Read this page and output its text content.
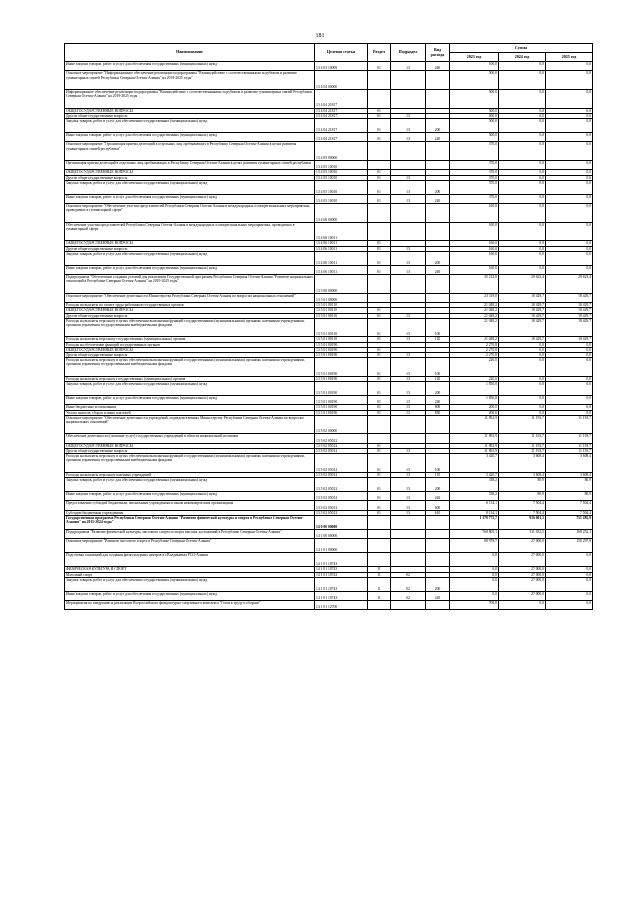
181
Наименование	Целевая статья	Раздел	Подраздел	Вид расхода	Сумма		
					2023 год	2024 год	2025 год
Иные закупки товаров, работ и услуг для обеспечения государственных (муниципальных) нужд	13 4 03 10009	01	13	240	100,0	0,0	0,0
Основное мероприятие "Информационное обеспечение реализации подпрограммы "Взаимодействие с соотечественниками за рубежом и развитие гуманитарных связей Республики Северная Осетия-Алания" на 2019-2025 годы"	13 4 04 00000				500,0	0,0	0,0
Информационное обеспечение реализации подпрограммы "Взаимодействие с соотечественниками за рубежом и развитие гуманитарных связей Республики Северная Осетия-Алания" на 2019-2025 годы	13 4 04 21817				500,0	0,0	0,0
ОБЩЕГОСУДАРСТВЕННЫЕ ВОПРОСЫ	13 4 04 21817	01			500,0	0,0	0,0
Другие общегосударственные вопросы	13 4 04 21817	01	13		500,0	0,0	0,0
Закупка товаров, работ и услуг для обеспечения государственных (муниципальных) нужд	13 4 04 21817	01	13	200	500,0	0,0	0,0
Иные закупки товаров, работ и услуг для обеспечения государственных (муниципальных) нужд	13 4 04 21817	01	13	240	500,0	0,0	0,0
Основное мероприятие "Организация приема делегаций в отдельных лиц, пребывающих в Республику Северная Осетия-Алания в целях развития гуманитарных связей республики"	13 4 05 00000				370,0	0,0	0,0
Организация приема делегаций в отдельных лиц, пребывающих в Республику Северная Осетия-Алания в целях развития гуманитарных связей республики	13 4 05 10010				370,0	0,0	0,0
ОБЩЕГОСУДАРСТВЕННЫЕ ВОПРОСЫ	13 4 05 10010	01			370,0	0,0	0,0
Другие общегосударственные вопросы	13 4 05 10010	01	13		370,0	0,0	0,0
Закупка товаров, работ и услуг для обеспечения государственных (муниципальных) нужд	13 4 05 10010	01	13	200	370,0	0,0	0,0
Иные закупки товаров, работ и услуг для обеспечения государственных (муниципальных) нужд	13 4 05 10010	01	13	240	370,0	0,0	0,0
Основное мероприятие "Обеспечение участия представителей Республики Северная Осетия-Алания в международных и межрегиональных мероприятиях, проводимых в гуманитарной сфере"	13 4 06 00000				160,0	0,0	0,0
Обеспечение участия представителей Республики Северная Осетия-Алания в международных и межрегиональных мероприятиях, проводимых в гуманитарной сфере	13 4 06 10011				160,0	0,0	0,0
ОБЩЕГОСУДАРСТВЕННЫЕ ВОПРОСЫ	13 4 06 10011	01			160,0	0,0	0,0
Другие общегосударственные вопросы	13 4 06 10011	01	13		160,0	0,0	0,0
Закупка товаров, работ и услуг для обеспечения государственных (муниципальных) нужд	13 4 06 10011	01	13	200	160,0	0,0	0,0
Иные закупки товаров, работ и услуг для обеспечения государственных (муниципальных) нужд	13 4 06 10011	01	13	240	160,0	0,0	0,0
Подпрограмма "Обеспечение создания условий для реализации Государственной программы Республики Северная Осетия-Алания "Развитие национальных отношений в Республике Северная Осетия-Алания" на 2019-2025 годы"	13 5 00 00000				35 212,0	29 623,4	29 623,4
Основное мероприятие "Обеспечение деятельности Министерства Республики Северная Осетия-Алания по вопросам национальных отношений"	13 5 01 00000				23 319,0	18 429,7	18 429,7
Расходы на выплаты по оплате труда работников государственных органов	13 5 01 00110				21 048,2	18 429,7	18 429,7
ОБЩЕГОСУДАРСТВЕННЫЕ ВОПРОСЫ	13 5 01 00110	01			21 048,2	18 429,7	18 429,7
Другие общегосударственные вопросы	13 5 01 00110	01	13		21 048,2	18 429,7	18 429,7
Расходы на выплаты персоналу в целях обеспечения выполнения функций государственными (муниципальными) органами, казенными учреждениями, органами управления государственными внебюджетными фондами	13 5 01 00110	01	13	100	21 048,2	18 429,7	18 429,7
Расходы на выплаты персоналу государственных (муниципальных) органов	13 5 01 00110	01	13	120	21 048,2	18 429,7	18 429,7
Расходы на обеспечение функций государственных органов	13 5 01 00190				2 270,8	0,0	0,0
ОБЩЕГОСУДАРСТВЕННЫЕ ВОПРОСЫ	13 5 01 00190	01			2 270,8	0,0	0,0
Другие общегосударственные вопросы	13 5 01 00190	01	13		2 270,8	0,0	0,0
Расходы на выплаты персоналу в целях обеспечения выполнения функций государственными (муниципальными) органами, казенными учреждениями, органами управления государственными внебюджетными фондами	13 5 01 00190	01	13	100	220,0	0,0	0,0
Расходы на выплаты персоналу государственных (муниципальных) органов	13 5 01 00190	01	13	120	220,0	0,0	0,0
Закупка товаров, работ и услуг для обеспечения государственных (муниципальных) нужд	13 5 01 00190	01	13	200	1 850,8	0,0	0,0
Иные закупки товаров, работ и услуг для обеспечения государственных (муниципальных) нужд	13 5 01 00190	01	13	240	1 850,8	0,0	0,0
Иные бюджетные ассигнования	13 5 01 00190	01	13	800	200,0	0,0	0,0
Уплата налогов, сборов и иных платежей	13 5 01 00190	01	13	850	200,0	0,0	0,0
Основное мероприятие "Обеспечение деятельности учреждений, подведомственных Министерству Республики Северная Осетия-Алания по вопросам национальных отношений"	13 5 02 00000				11 892,9	11 193,7	11 193,7
Обеспечение деятельности (оказание услуг) государственных учреждений в области национальной политики	13 5 02 05012				11 892,9	11 193,7	11 193,7
ОБЩЕГОСУДАРСТВЕННЫЕ ВОПРОСЫ	13 5 02 05012	01			11 892,9	11 193,7	11 193,7
Другие общегосударственные вопросы	13 5 02 05012	01	13		11 892,9	11 193,7	11 193,7
Расходы на выплаты персоналу в целях обеспечения выполнения функций государственными (муниципальными) органами, казенными учреждениями, органами управления государственными внебюджетными фондами	13 5 02 05012	01	13	100	3 420,7	3 608,4	3 608,4
Расходы на выплаты персоналу казенных учреждений	13 5 02 05012	01	13	110	3 420,7	3 608,4	3 608,4
Закупка товаров, работ и услуг для обеспечения государственных (муниципальных) нужд	13 5 02 05012	01	13	200	338,2	80,9	80,9
Иные закупки товаров, работ и услуг для обеспечения государственных (муниципальных) нужд	13 5 02 05012	01	13	240	338,2	80,9	80,9
Предоставление субсидий бюджетным, автономным учреждениям и иным некоммерческим организациям	13 5 02 05012	01	13	600	8 134,1	7 504,4	7 504,4
Субсидии бюджетным учреждениям	13 5 02 05012	01	13	610	8 134,1	7 504,4	7 504,4
Государственная программа Республики Северная Осетия-Алания "Развитие физической культуры и спорта в Республике Северная Осетия-Алания" на 2015-2024 годы"	14 0 00 00000				1 378 775,7	916 601,1	751 285,9
Подпрограмма "Развитие физической культуры, массового спорта и спорта высших достижений в Республике Северная Осетия-Алания"	14 1 00 00000				768 805,1	311 032,5	168 252,1
Основное мероприятие "Развитие массового спорта в Республике Северная Осетия-Алания"	14 1 01 00000				88 978,7	27 000,0	158 297,9
Подготовка оснований для создания физкультурных центров в г.Владикавказ РСО-Алания	14 1 01 10743				0,0	27 000,0	0,0
ФИЗИЧЕСКАЯ КУЛЬТУРА И СПОРТ	14 1 01 10743	11			0,0	27 000,0	0,0
Массовый спорт	14 1 01 10743	11	02		0,0	27 000,0	0,0
Закупка товаров, работ и услуг для обеспечения государственных (муниципальных) нужд	14 1 01 10743	11	02	200	0,0	27 000,0	0,0
Иные закупки товаров, работ и услуг для обеспечения государственных (муниципальных) нужд	14 1 01 10743	11	02	240	0,0	27 000,0	0,0
Мероприятия по внедрению и реализации Всероссийского физкультурно-спортивного комплекса "Готов к труду и обороне"	14 1 01 12700				700,0	0,0	0,0
